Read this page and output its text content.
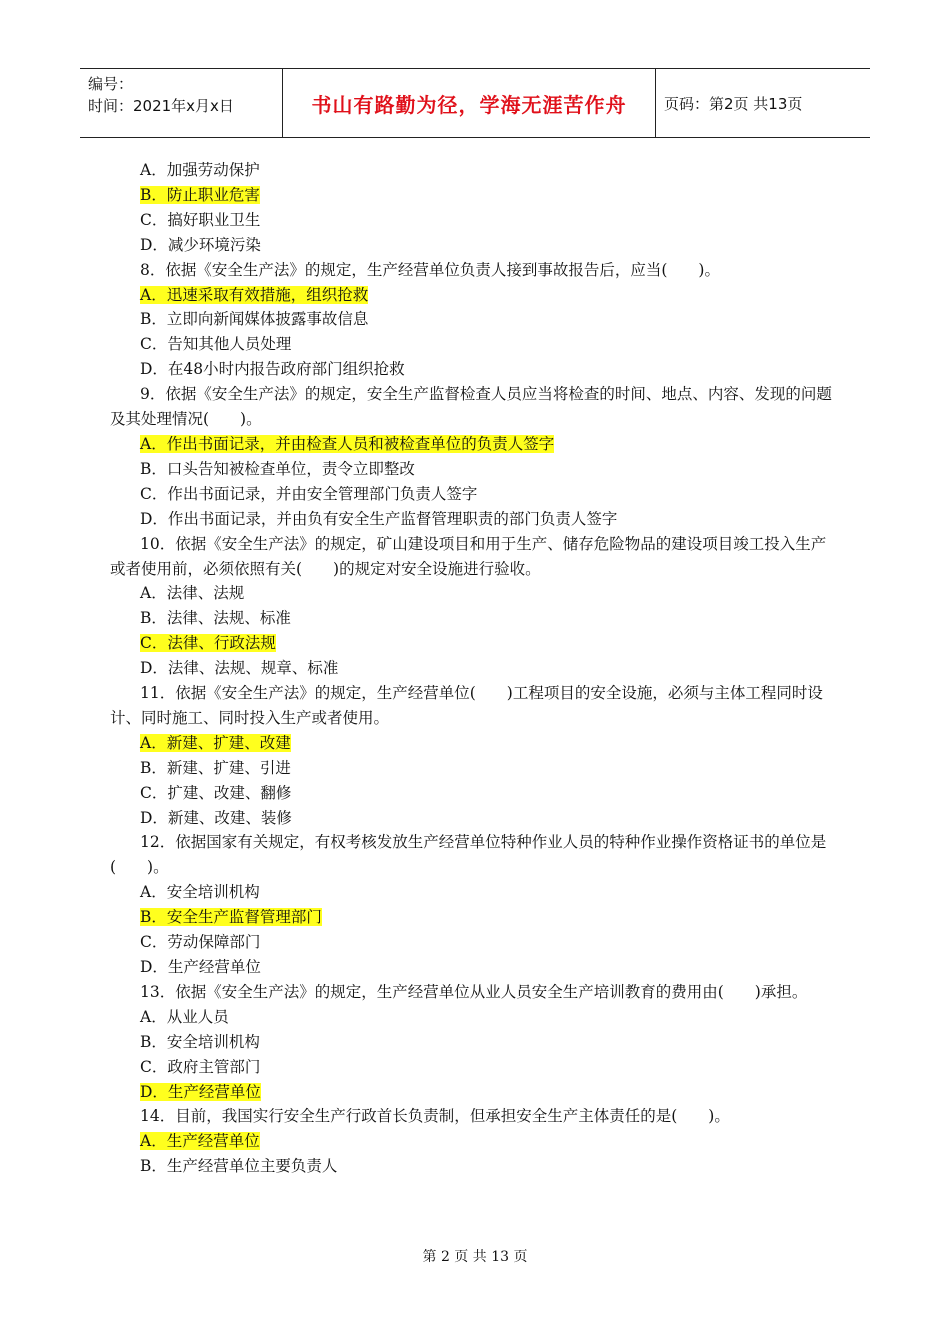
编号：
时间：2021年x月x日	书山有路勤为径，学海无涯苦作舟	页码：第2页 共13页
A．加强劳动保护
B．防止职业危害
C．搞好职业卫生
D．减少环境污染
8．依据《安全生产法》的规定，生产经营单位负责人接到事故报告后，应当(　　)。
A．迅速采取有效措施，组织抢救
B．立即向新闻媒体披露事故信息
C．告知其他人员处理
D．在48小时内报告政府部门组织抢救
9．依据《安全生产法》的规定，安全生产监督检查人员应当将检查的时间、地点、内容、发现的问题及其处理情况(　　)。
A．作出书面记录，并由检查人员和被检查单位的负责人签字
B．口头告知被检查单位，责令立即整改
C．作出书面记录，并由安全管理部门负责人签字
D．作出书面记录，并由负有安全生产监督管理职责的部门负责人签字
10．依据《安全生产法》的规定，矿山建设项目和用于生产、储存危险物品的建设项目竣工投入生产或者使用前，必须依照有关(　　)的规定对安全设施进行验收。
A．法律、法规
B．法律、法规、标准
C．法律、行政法规
D．法律、法规、规章、标准
11．依据《安全生产法》的规定，生产经营单位(　　)工程项目的安全设施，必须与主体工程同时设计、同时施工、同时投入生产或者使用。
A．新建、扩建、改建
B．新建、扩建、引进
C．扩建、改建、翻修
D．新建、改建、装修
12．依据国家有关规定，有权考核发放生产经营单位特种作业人员的特种作业操作资格证书的单位是(　　)。
A．安全培训机构
B．安全生产监督管理部门
C．劳动保障部门
D．生产经营单位
13．依据《安全生产法》的规定，生产经营单位从业人员安全生产培训教育的费用由(　　)承担。
A．从业人员
B．安全培训机构
C．政府主管部门
D．生产经营单位
14．目前，我国实行安全生产行政首长负责制，但承担安全生产主体责任的是(　　)。
A．生产经营单位
B．生产经营单位主要负责人
第 2 页 共 13 页
